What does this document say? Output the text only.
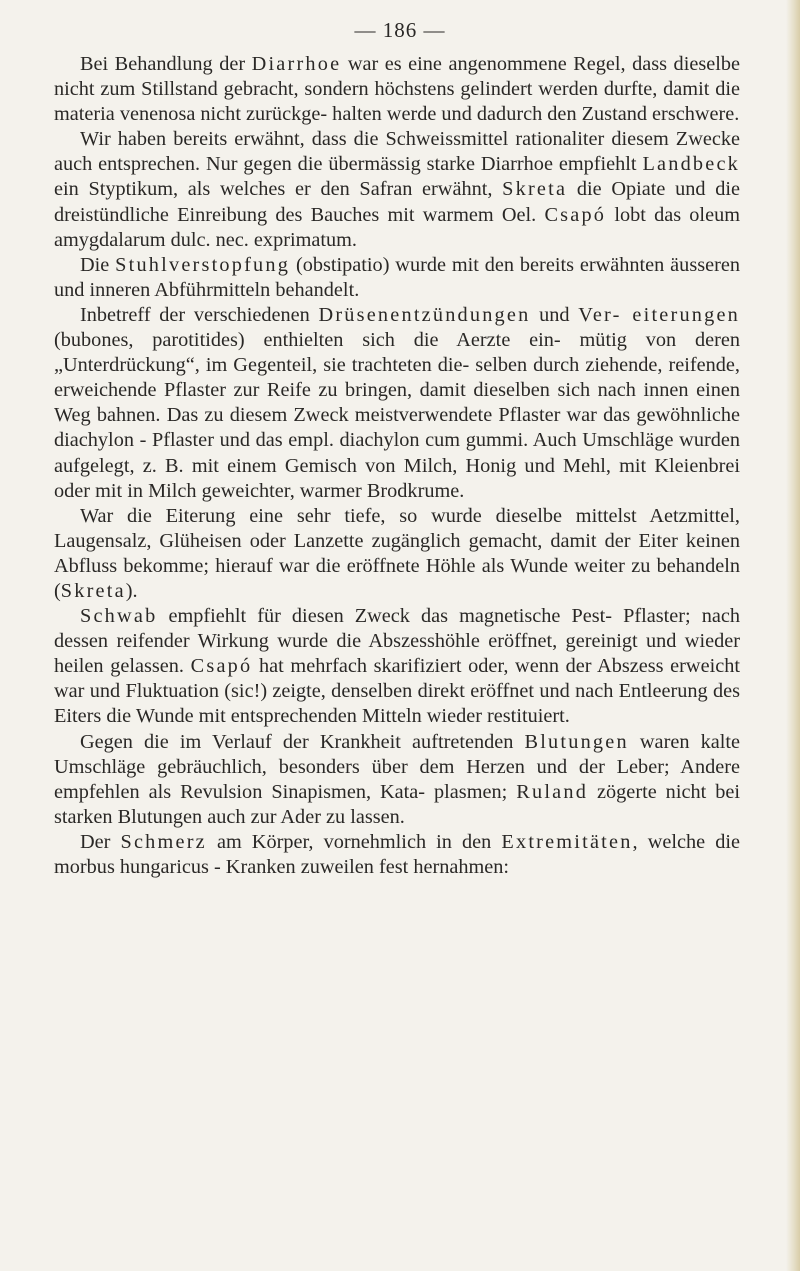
— 186 —

Bei Behandlung der Diarrhoe war es eine angenommene Regel, dass dieselbe nicht zum Stillstand gebracht, sondern höchstens gelindert werden durfte, damit die materia venenosa nicht zurückge- halten werde und dadurch den Zustand erschwere.

Wir haben bereits erwähnt, dass die Schweissmittel rationaliter diesem Zwecke auch entsprechen. Nur gegen die übermässig starke Diarrhoe empfiehlt Landbeck ein Styptikum, als welches er den Safran erwähnt, Skreta die Opiate und die dreistündliche Einreibung des Bauches mit warmem Oel. Csapó lobt das oleum amygdalarum dulc. nec. exprimatum.

Die Stuhlverstopfung (obstipatio) wurde mit den bereits erwähnten äusseren und inneren Abführmitteln behandelt.

Inbetreff der verschiedenen Drüsenentzündungen und Ver- eiterungen (bubones, parotitides) enthielten sich die Aerzte ein- mütig von deren „Unterdrückung“, im Gegenteil, sie trachteten die- selben durch ziehende, reifende, erweichende Pflaster zur Reife zu bringen, damit dieselben sich nach innen einen Weg bahnen. Das zu diesem Zweck meistverwendete Pflaster war das gewöhnliche diachylon - Pflaster und das empl. diachylon cum gummi. Auch Umschläge wurden aufgelegt, z. B. mit einem Gemisch von Milch, Honig und Mehl, mit Kleienbrei oder mit in Milch geweichter, warmer Brodkrume.

War die Eiterung eine sehr tiefe, so wurde dieselbe mittelst Aetzmittel, Laugensalz, Glüheisen oder Lanzette zugänglich gemacht, damit der Eiter keinen Abfluss bekomme; hierauf war die eröffnete Höhle als Wunde weiter zu behandeln (Skreta).

Schwab empfiehlt für diesen Zweck das magnetische Pest- Pflaster; nach dessen reifender Wirkung wurde die Abszesshöhle eröffnet, gereinigt und wieder heilen gelassen. Csapó hat mehrfach skarifiziert oder, wenn der Abszess erweicht war und Fluktuation (sic!) zeigte, denselben direkt eröffnet und nach Entleerung des Eiters die Wunde mit entsprechenden Mitteln wieder restituiert.

Gegen die im Verlauf der Krankheit auftretenden Blutungen waren kalte Umschläge gebräuchlich, besonders über dem Herzen und der Leber; Andere empfehlen als Revulsion Sinapismen, Kata- plasmen; Ruland zögerte nicht bei starken Blutungen auch zur Ader zu lassen.

Der Schmerz am Körper, vornehmlich in den Extremitäten, welche die morbus hungaricus - Kranken zuweilen fest hernahmen:
